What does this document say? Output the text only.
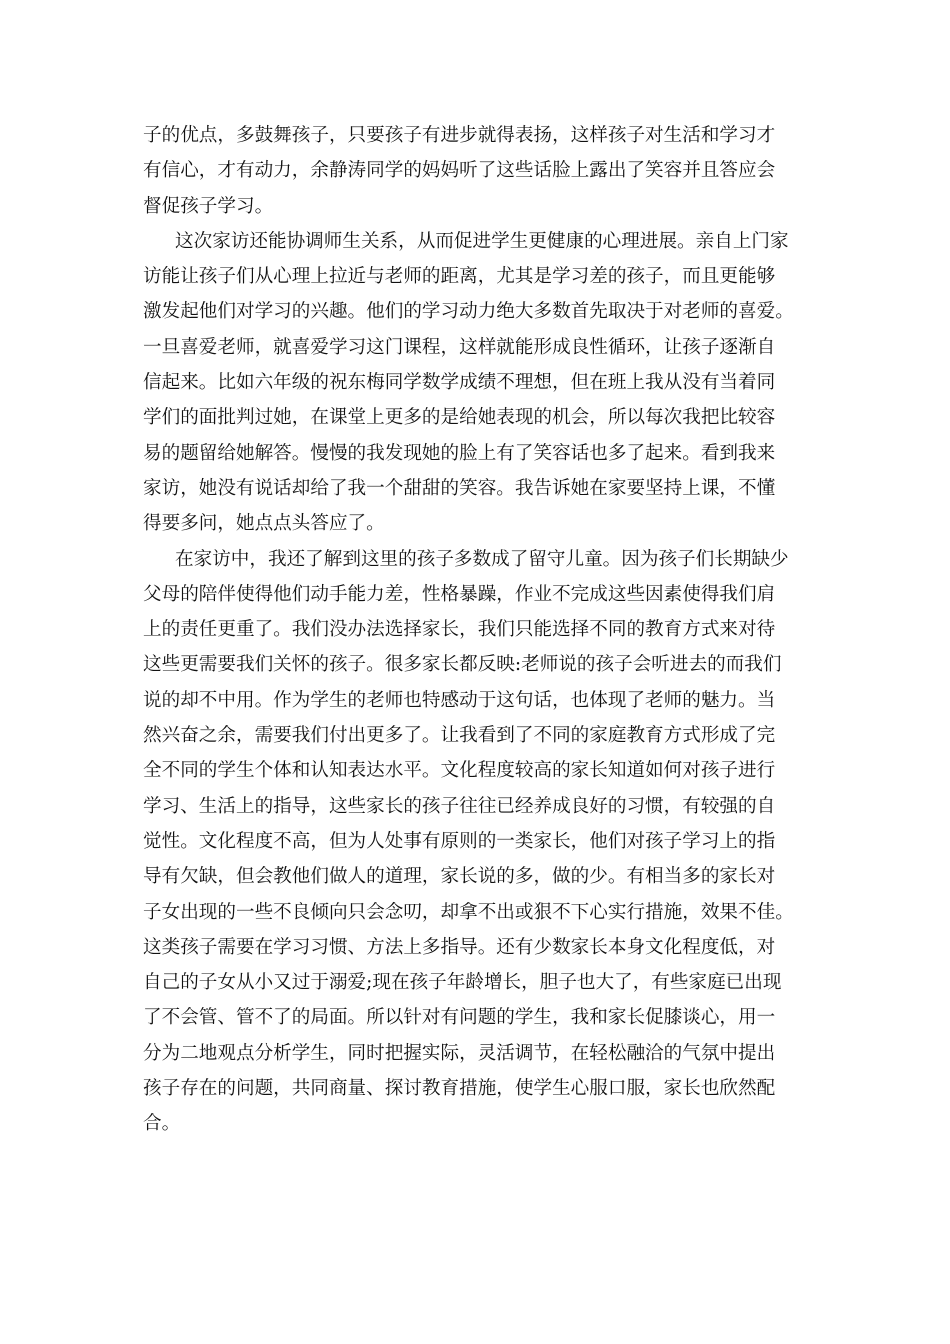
子的优点，多鼓舞孩子，只要孩子有进步就得表扬，这样孩子对生活和学习才
有信心，才有动力，余静涛同学的妈妈听了这些话脸上露出了笑容并且答应会
督促孩子学习。
这次家访还能协调师生关系，从而促进学生更健康的心理进展。亲自上门家
访能让孩子们从心理上拉近与老师的距离，尤其是学习差的孩子，而且更能够
激发起他们对学习的兴趣。他们的学习动力绝大多数首先取决于对老师的喜爱。
一旦喜爱老师，就喜爱学习这门课程，这样就能形成良性循环，让孩子逐渐自
信起来。比如六年级的祝东梅同学数学成绩不理想，但在班上我从没有当着同
学们的面批判过她，在课堂上更多的是给她表现的机会，所以每次我把比较容
易的题留给她解答。慢慢的我发现她的脸上有了笑容话也多了起来。看到我来
家访，她没有说话却给了我一个甜甜的笑容。我告诉她在家要坚持上课，不懂
得要多问，她点点头答应了。
在家访中，我还了解到这里的孩子多数成了留守儿童。因为孩子们长期缺少
父母的陪伴使得他们动手能力差，性格暴躁，作业不完成这些因素使得我们肩
上的责任更重了。我们没办法选择家长，我们只能选择不同的教育方式来对待
这些更需要我们关怀的孩子。很多家长都反映:老师说的孩子会听进去的而我们
说的却不中用。作为学生的老师也特感动于这句话，也体现了老师的魅力。当
然兴奋之余，需要我们付出更多了。让我看到了不同的家庭教育方式形成了完
全不同的学生个体和认知表达水平。文化程度较高的家长知道如何对孩子进行
学习、生活上的指导，这些家长的孩子往往已经养成良好的习惯，有较强的自
觉性。文化程度不高，但为人处事有原则的一类家长，他们对孩子学习上的指
导有欠缺，但会教他们做人的道理，家长说的多，做的少。有相当多的家长对
子女出现的一些不良倾向只会念叨，却拿不出或狠不下心实行措施，效果不佳。
这类孩子需要在学习习惯、方法上多指导。还有少数家长本身文化程度低，对
自己的子女从小又过于溺爱;现在孩子年龄增长，胆子也大了，有些家庭已出现
了不会管、管不了的局面。所以针对有问题的学生，我和家长促膝谈心，用一
分为二地观点分析学生，同时把握实际，灵活调节，在轻松融洽的气氛中提出
孩子存在的问题，共同商量、探讨教育措施，使学生心服口服，家长也欣然配
合。
